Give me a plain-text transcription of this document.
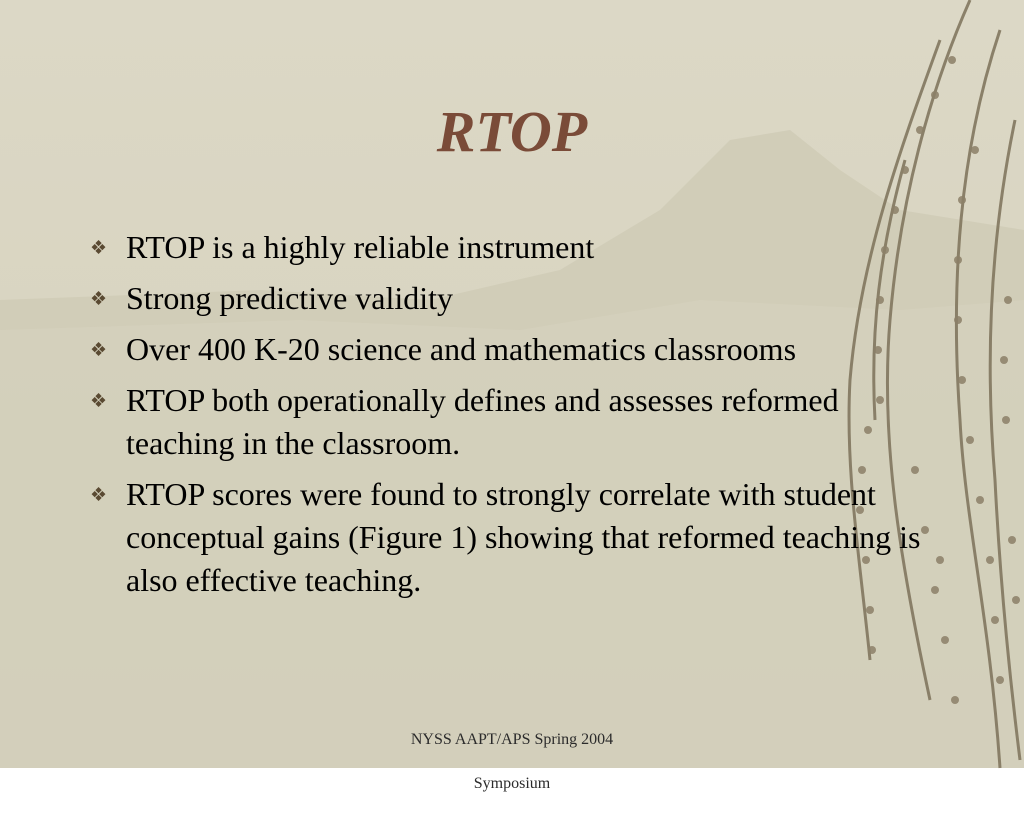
RTOP
❖ RTOP is a highly reliable instrument
❖ Strong predictive validity
❖ Over 400 K-20 science and mathematics classrooms
❖ RTOP both operationally defines and assesses reformed teaching in the classroom.
❖ RTOP scores were found to strongly correlate with student conceptual gains (Figure 1) showing that reformed teaching is also effective teaching.

NYSS AAPT/APS Spring 2004

Symposium
